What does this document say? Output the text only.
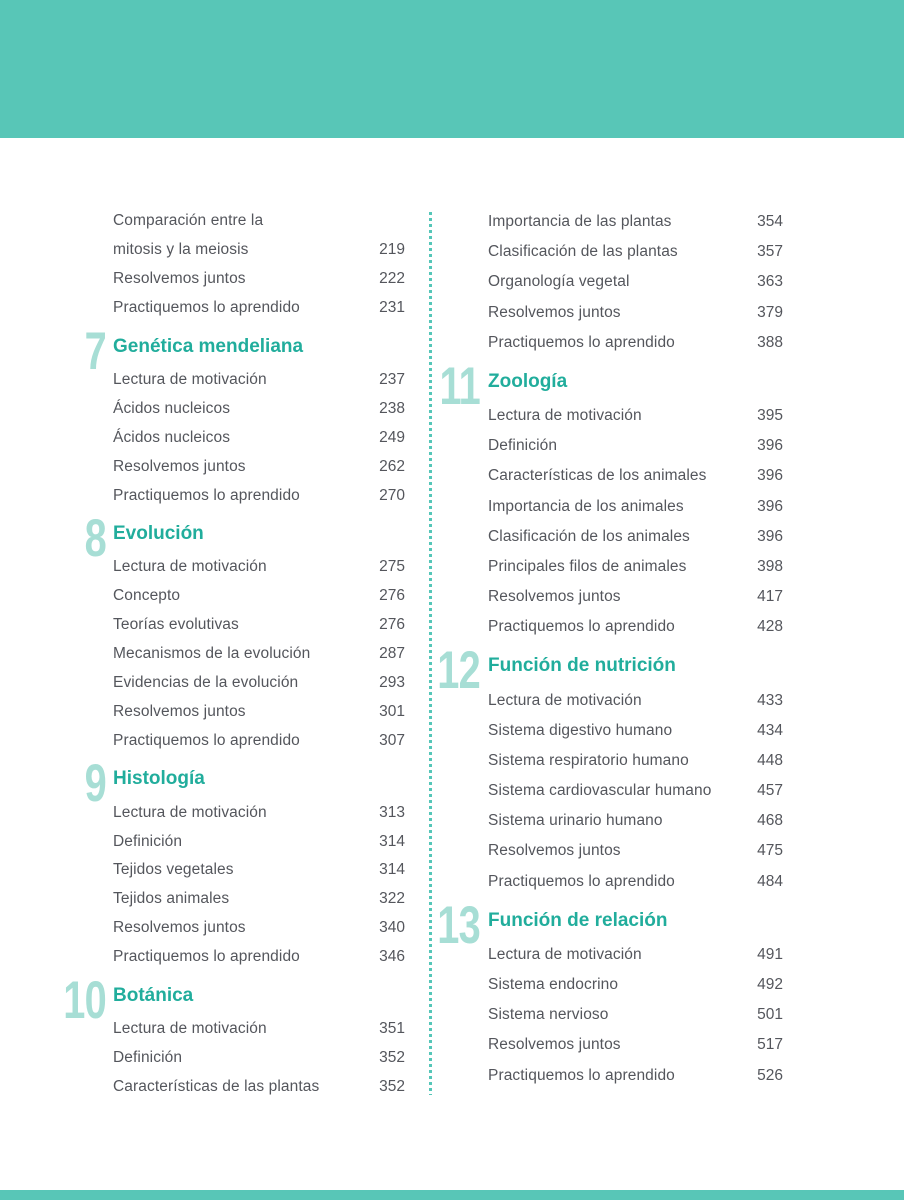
Comparación entre la
mitosis y la meiosis	219
Resolvemos juntos	222
Practiquemos lo aprendido	231
7 Genética mendeliana
Lectura de motivación	237
Ácidos nucleicos	238
Ácidos nucleicos	249
Resolvemos juntos	262
Practiquemos lo aprendido	270
8 Evolución
Lectura de motivación	275
Concepto	276
Teorías evolutivas	276
Mecanismos de la evolución	287
Evidencias de la evolución	293
Resolvemos juntos	301
Practiquemos lo aprendido	307
9 Histología
Lectura de motivación	313
Definición	314
Tejidos vegetales	314
Tejidos animales	322
Resolvemos juntos	340
Practiquemos lo aprendido	346
10 Botánica
Lectura de motivación	351
Definición	352
Características de las plantas	352
Importancia de las plantas	354
Clasificación de las plantas	357
Organología vegetal	363
Resolvemos juntos	379
Practiquemos lo aprendido	388
11 Zoología
Lectura de motivación	395
Definición	396
Características de los animales	396
Importancia de los animales	396
Clasificación de los animales	396
Principales filos de animales	398
Resolvemos juntos	417
Practiquemos lo aprendido	428
12 Función de nutrición
Lectura de motivación	433
Sistema digestivo humano	434
Sistema respiratorio humano	448
Sistema cardiovascular humano	457
Sistema urinario humano	468
Resolvemos juntos	475
Practiquemos lo aprendido	484
13 Función de relación
Lectura de motivación	491
Sistema endocrino	492
Sistema nervioso	501
Resolvemos juntos	517
Practiquemos lo aprendido	526
